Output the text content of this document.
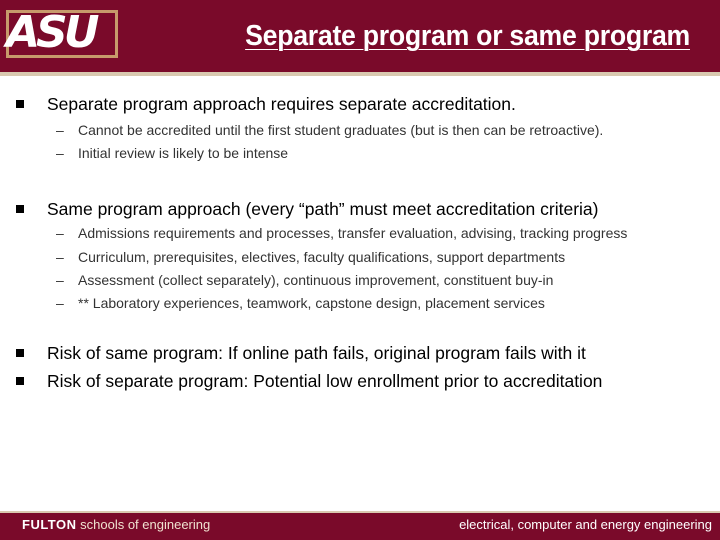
ASU	Separate program or same program
Separate program approach requires separate accreditation.
– Cannot be accredited until the first student graduates (but is then can be retroactive).
– Initial review is likely to be intense
Same program approach (every “path” must meet accreditation criteria)
– Admissions requirements and processes, transfer evaluation, advising, tracking progress
– Curriculum, prerequisites, electives, faculty qualifications, support departments
– Assessment (collect separately), continuous improvement, constituent buy-in
– ** Laboratory experiences, teamwork, capstone design, placement services
Risk of same program: If online path fails, original program fails with it
Risk of separate program: Potential low enrollment prior to accreditation
FULTON schools of engineering	electrical, computer and energy engineering
